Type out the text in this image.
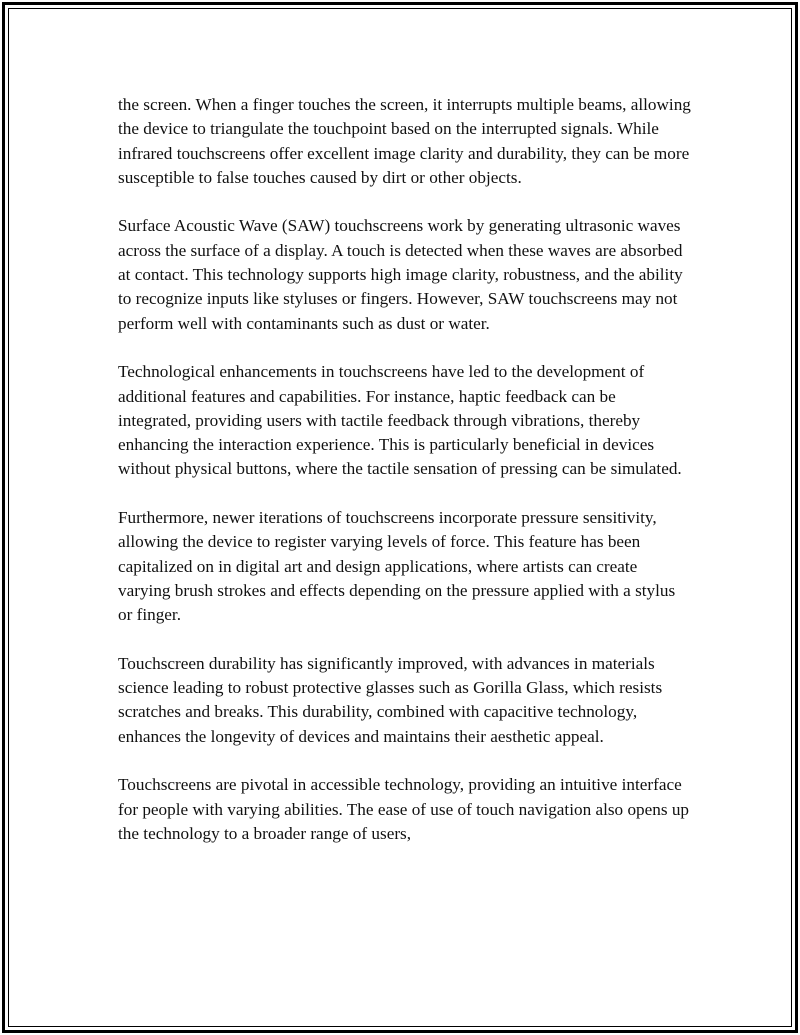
the screen. When a finger touches the screen, it interrupts multiple beams, allowing the device to triangulate the touchpoint based on the interrupted signals. While infrared touchscreens offer excellent image clarity and durability, they can be more susceptible to false touches caused by dirt or other objects.

Surface Acoustic Wave (SAW) touchscreens work by generating ultrasonic waves across the surface of a display. A touch is detected when these waves are absorbed at contact. This technology supports high image clarity, robustness, and the ability to recognize inputs like styluses or fingers. However, SAW touchscreens may not perform well with contaminants such as dust or water.

Technological enhancements in touchscreens have led to the development of additional features and capabilities. For instance, haptic feedback can be integrated, providing users with tactile feedback through vibrations, thereby enhancing the interaction experience. This is particularly beneficial in devices without physical buttons, where the tactile sensation of pressing can be simulated.

Furthermore, newer iterations of touchscreens incorporate pressure sensitivity, allowing the device to register varying levels of force. This feature has been capitalized on in digital art and design applications, where artists can create varying brush strokes and effects depending on the pressure applied with a stylus or finger.

Touchscreen durability has significantly improved, with advances in materials science leading to robust protective glasses such as Gorilla Glass, which resists scratches and breaks. This durability, combined with capacitive technology, enhances the longevity of devices and maintains their aesthetic appeal.

Touchscreens are pivotal in accessible technology, providing an intuitive interface for people with varying abilities. The ease of use of touch navigation also opens up the technology to a broader range of users,
